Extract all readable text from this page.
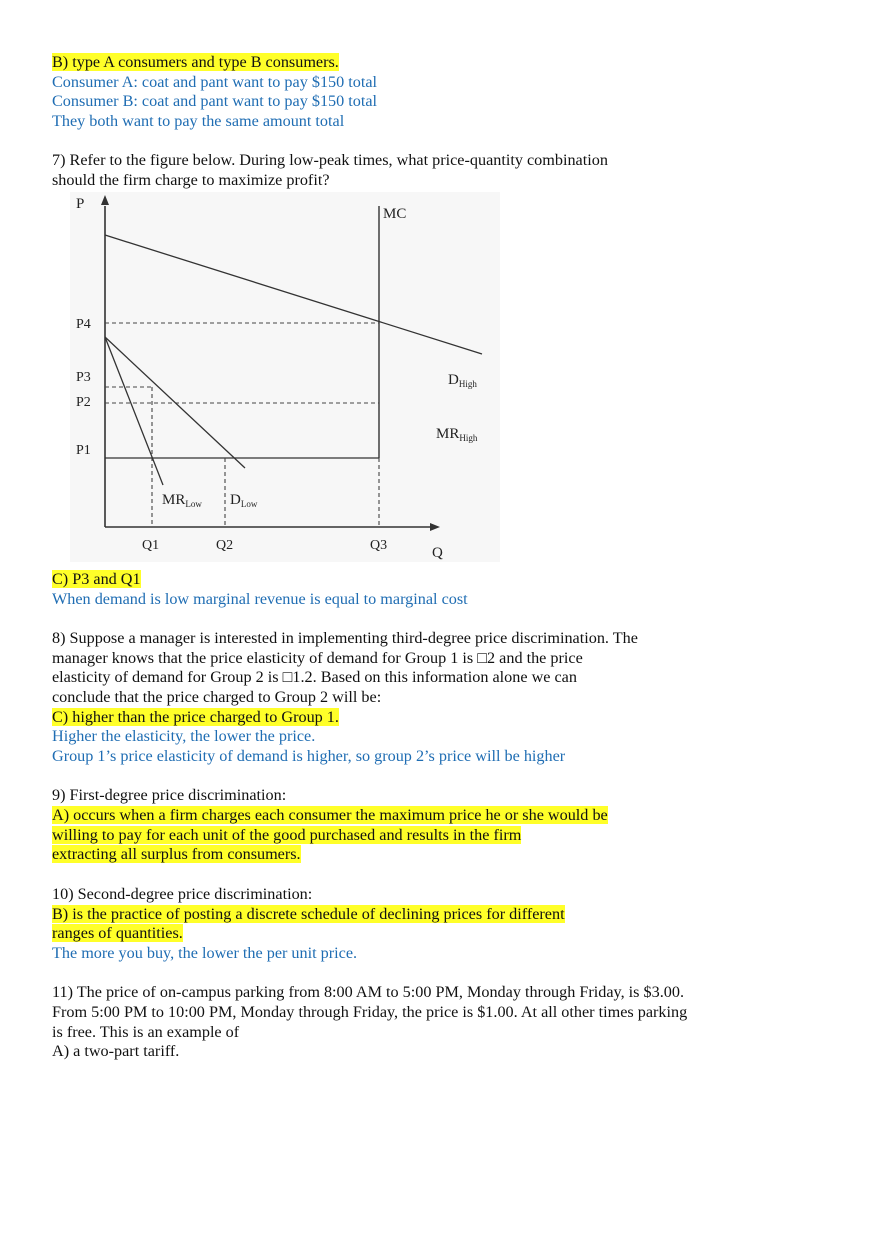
B) type A consumers and type B consumers.
Consumer A: coat and pant want to pay $150 total
Consumer B: coat and pant want to pay $150 total
They both want to pay the same amount total
7) Refer to the figure below. During low-peak times, what price-quantity combination
should the firm charge to maximize profit?
P
Q
MC
$D_{High}$
$MR_{High}$
$MR_{Low}$ $D_{Low}$
P4
P3
P2
P1
Q1	Q2	Q3
C) P3 and Q1
When demand is low marginal revenue is equal to marginal cost
8) Suppose a manager is interested in implementing third-degree price discrimination. The
manager knows that the price elasticity of demand for Group 1 is □2 and the price
elasticity of demand for Group 2 is □1.2. Based on this information alone we can
conclude that the price charged to Group 2 will be:
C) higher than the price charged to Group 1.
Higher the elasticity, the lower the price.
Group 1’s price elasticity of demand is higher, so group 2’s price will be higher
9) First-degree price discrimination:
A) occurs when a firm charges each consumer the maximum price he or she would be
willing to pay for each unit of the good purchased and results in the firm
extracting all surplus from consumers.
10) Second-degree price discrimination:
B) is the practice of posting a discrete schedule of declining prices for different
ranges of quantities.
The more you buy, the lower the per unit price.
11) The price of on-campus parking from 8:00 AM to 5:00 PM, Monday through Friday, is $3.00.
From 5:00 PM to 10:00 PM, Monday through Friday, the price is $1.00. At all other times parking
is free. This is an example of
A) a two-part tariff.
